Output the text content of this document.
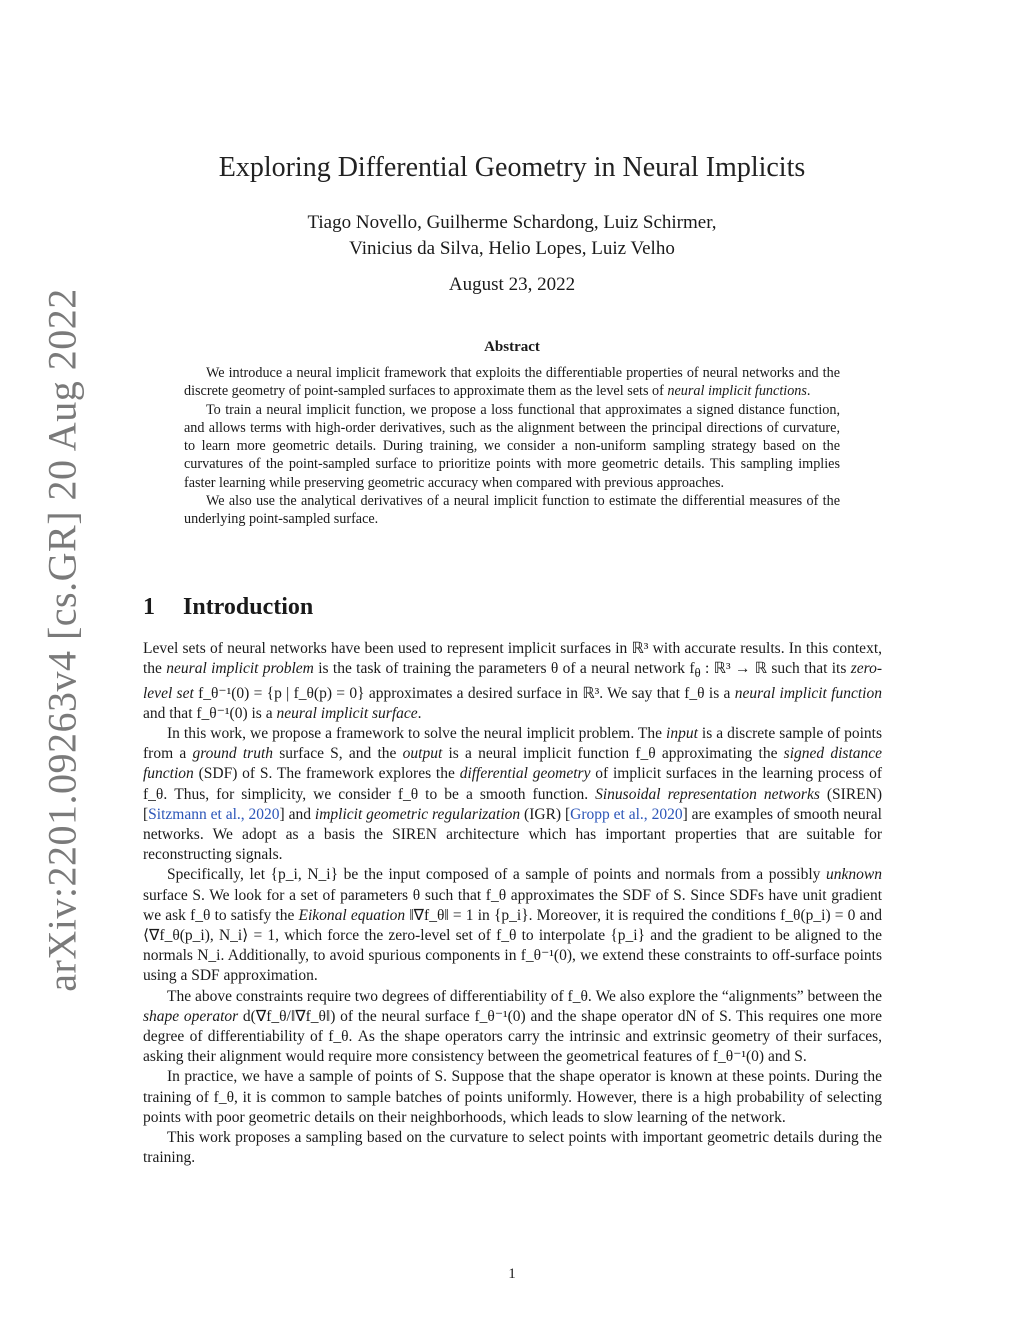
arXiv:2201.09263v4 [cs.GR] 20 Aug 2022
Exploring Differential Geometry in Neural Implicits
Tiago Novello, Guilherme Schardong, Luiz Schirmer,
Vinicius da Silva, Helio Lopes, Luiz Velho
August 23, 2022
Abstract

We introduce a neural implicit framework that exploits the differentiable properties of neural networks and the discrete geometry of point-sampled surfaces to approximate them as the level sets of neural implicit functions.

To train a neural implicit function, we propose a loss functional that approximates a signed distance function, and allows terms with high-order derivatives, such as the alignment between the principal directions of curvature, to learn more geometric details. During training, we consider a non-uniform sampling strategy based on the curvatures of the point-sampled surface to prioritize points with more geometric details. This sampling implies faster learning while preserving geometric accuracy when compared with previous approaches.

We also use the analytical derivatives of a neural implicit function to estimate the differential measures of the underlying point-sampled surface.

1 Introduction

Level sets of neural networks have been used to represent implicit surfaces in ℝ³ with accurate results. In this context, the neural implicit problem is the task of training the parameters θ of a neural network $f_\theta$ : ℝ³ → ℝ such that its zero-level set f_θ⁻¹(0) = {p | f_θ(p) = 0} approximates a desired surface in ℝ³. We say that f_θ is a neural implicit function and that f_θ⁻¹(0) is a neural implicit surface.

In this work, we propose a framework to solve the neural implicit problem. The input is a discrete sample of points from a ground truth surface S, and the output is a neural implicit function f_θ approximating the signed distance function (SDF) of S. The framework explores the differential geometry of implicit surfaces in the learning process of f_θ. Thus, for simplicity, we consider f_θ to be a smooth function. Sinusoidal representation networks (SIREN) [Sitzmann et al., 2020] and implicit geometric regularization (IGR) [Gropp et al., 2020] are examples of smooth neural networks. We adopt as a basis the SIREN architecture which has important properties that are suitable for reconstructing signals.

Specifically, let {p_i, N_i} be the input composed of a sample of points and normals from a possibly unknown surface S. We look for a set of parameters θ such that f_θ approximates the SDF of S. Since SDFs have unit gradient we ask f_θ to satisfy the Eikonal equation ‖∇f_θ‖ = 1 in {p_i}. Moreover, it is required the conditions f_θ(p_i) = 0 and ⟨∇f_θ(p_i), N_i⟩ = 1, which force the zero-level set of f_θ to interpolate {p_i} and the gradient to be aligned to the normals N_i. Additionally, to avoid spurious components in f_θ⁻¹(0), we extend these constraints to off-surface points using a SDF approximation.

The above constraints require two degrees of differentiability of f_θ. We also explore the “alignments” between the shape operator d(∇f_θ/‖∇f_θ‖) of the neural surface f_θ⁻¹(0) and the shape operator dN of S. This requires one more degree of differentiability of f_θ. As the shape operators carry the intrinsic and extrinsic geometry of their surfaces, asking their alignment would require more consistency between the geometrical features of f_θ⁻¹(0) and S.

In practice, we have a sample of points of S. Suppose that the shape operator is known at these points. During the training of f_θ, it is common to sample batches of points uniformly. However, there is a high probability of selecting points with poor geometric details on their neighborhoods, which leads to slow learning of the network.

This work proposes a sampling based on the curvature to select points with important geometric details during the training.

1
